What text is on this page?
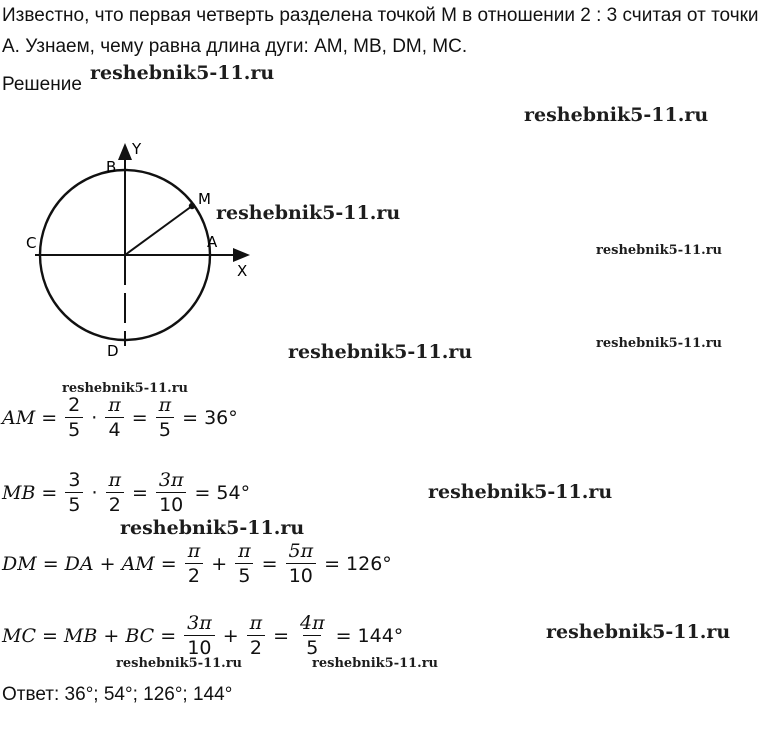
Известно, что первая четверть разделена точкой М в отношении 2 : 3 считая от точки А. Узнаем, чему равна длина дуги: АМ, МВ, DМ, МС.

Решение
B
Y
M
C	A
X
D
AM = $\frac{2}{5} \cdot \frac{\pi}{4} = \frac{\pi}{5} = 36^\circ$
MB = $\frac{3}{5} \cdot \frac{\pi}{2} = \frac{3\pi}{10} = 54^\circ$
DM = DA + AM = $\frac{\pi}{2} + \frac{\pi}{5} = \frac{5\pi}{10} = 126^\circ$
MC = MB + BC = $\frac{3\pi}{10} + \frac{\pi}{2} = \frac{4\pi}{5} = 144^\circ$
Ответ: 36°; 54°; 126°; 144°
reshebnik5-11.ru
reshebnik5-11.ru
reshebnik5-11.ru
reshebnik5-11.ru
reshebnik5-11.ru	reshebnik5-11.ru
reshebnik5-11.ru
reshebnik5-11.ru
reshebnik5-11.ru
reshebnik5-11.ru
reshebnik5-11.ru	reshebnik5-11.ru
